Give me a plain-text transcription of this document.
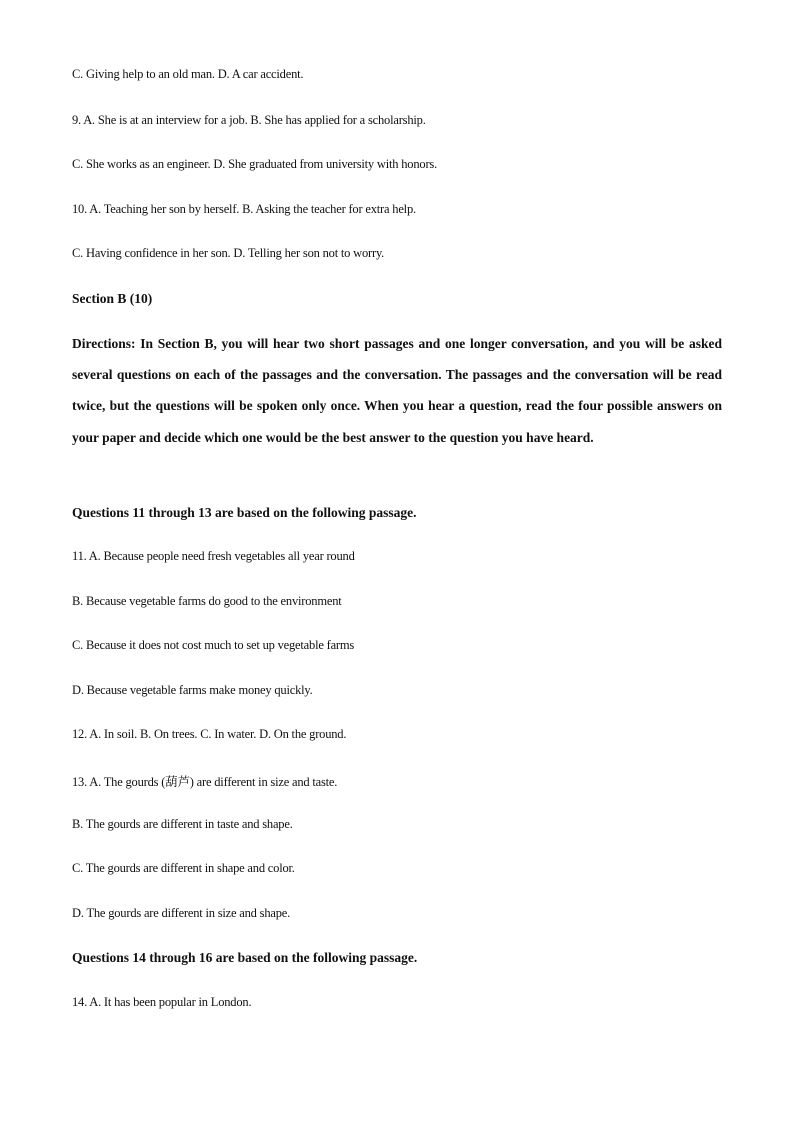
C. Giving help to an old man. D. A car accident.
9. A. She is at an interview for a job. B. She has applied for a scholarship.
C. She works as an engineer. D. She graduated from university with honors.
10. A. Teaching her son by herself. B. Asking the teacher for extra help.
C. Having confidence in her son. D. Telling her son not to worry.
Section B (10)
Directions: In Section B, you will hear two short passages and one longer conversation, and you will be asked several questions on each of the passages and the conversation. The passages and the conversation will be read twice, but the questions will be spoken only once. When you hear a question, read the four possible answers on your paper and decide which one would be the best answer to the question you have heard.
Questions 11 through 13 are based on the following passage.
11. A. Because people need fresh vegetables all year round
B. Because vegetable farms do good to the environment
C. Because it does not cost much to set up vegetable farms
D. Because vegetable farms make money quickly.
12. A. In soil. B. On trees. C. In water. D. On the ground.
13. A. The gourds (葫芦) are different in size and taste.
B. The gourds are different in taste and shape.
C. The gourds are different in shape and color.
D. The gourds are different in size and shape.
Questions 14 through 16 are based on the following passage.
14. A. It has been popular in London.
